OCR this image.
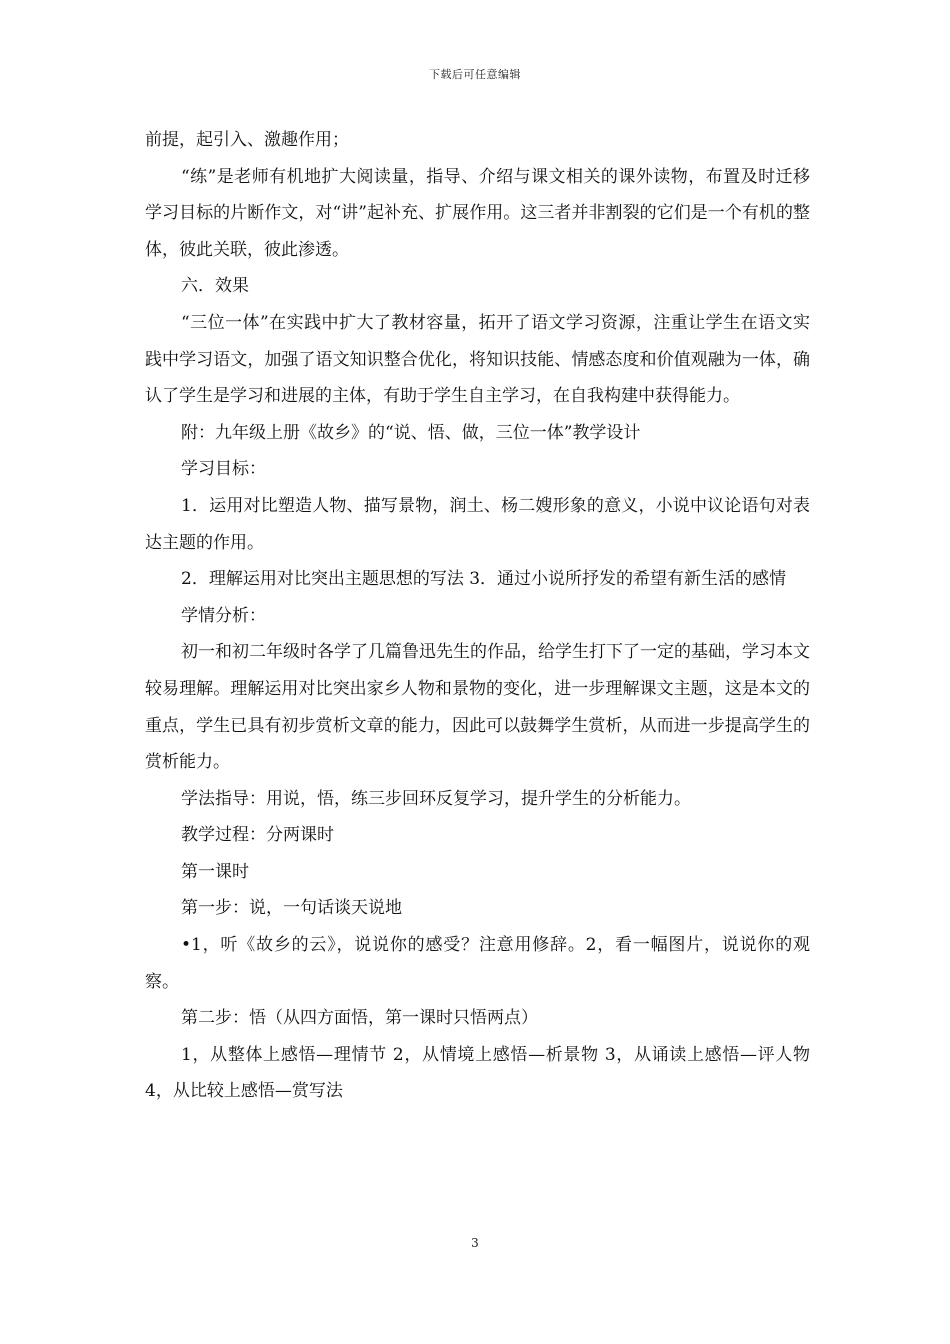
下载后可任意编辑

前提，起引入、激趣作用；

“练”是老师有机地扩大阅读量，指导、介绍与课文相关的课外读物，布置及时迁移学习目标的片断作文，对“讲”起补充、扩展作用。这三者并非割裂的它们是一个有机的整体，彼此关联，彼此渗透。

六．效果

“三位一体”在实践中扩大了教材容量，拓开了语文学习资源，注重让学生在语文实践中学习语文，加强了语文知识整合优化，将知识技能、情感态度和价值观融为一体，确认了学生是学习和进展的主体，有助于学生自主学习，在自我构建中获得能力。

附：九年级上册《故乡》的“说、悟、做，三位一体”教学设计

学习目标：

1．运用对比塑造人物、描写景物，润土、杨二嫂形象的意义，小说中议论语句对表达主题的作用。

2．理解运用对比突出主题思想的写法 3．通过小说所抒发的希望有新生活的感情

学情分析：

初一和初二年级时各学了几篇鲁迅先生的作品，给学生打下了一定的基础，学习本文较易理解。理解运用对比突出家乡人物和景物的变化，进一步理解课文主题，这是本文的重点，学生已具有初步赏析文章的能力，因此可以鼓舞学生赏析，从而进一步提高学生的赏析能力。

学法指导：用说，悟，练三步回环反复学习，提升学生的分析能力。

教学过程：分两课时

第一课时

第一步：说，一句话谈天说地

•1，听《故乡的云》，说说你的感受？注意用修辞。2，看一幅图片，说说你的观察。

第二步：悟（从四方面悟，第一课时只悟两点）

1，从整体上感悟—理情节 2，从情境上感悟—析景物 3，从诵读上感悟—评人物 4，从比较上感悟—赏写法

3
